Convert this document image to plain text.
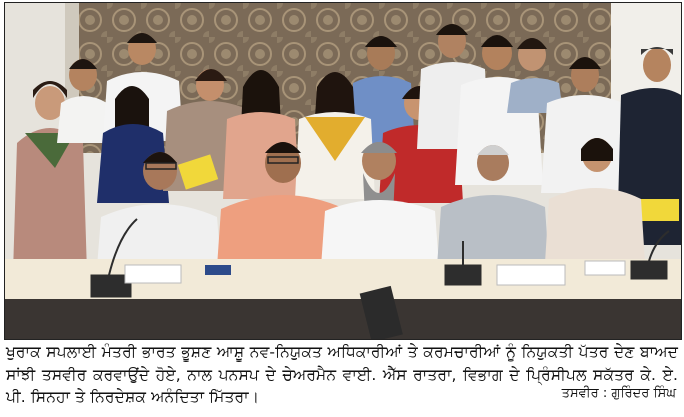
ਖੁਰਾਕ ਸਪਲਾਈ ਮੰਤਰੀ ਭਾਰਤ ਭੂਸ਼ਣ ਆਸ਼ੂ ਨਵ-ਨਿਯੁਕਤ ਅਧਿਕਾਰੀਆਂ ਤੇ ਕਰਮਚਾਰੀਆਂ ਨੂੰ ਨਿਯੁਕਤੀ ਪੱਤਰ ਦੇਣ ਬਾਅਦ ਸਾਂਝੀ ਤਸਵੀਰ ਕਰਵਾਉਂਦੇ ਹੋਏ, ਨਾਲ ਪਨਸਪ ਦੇ ਚੇਅਰਮੈਨ ਵਾਈ. ਐੱਸ ਰਾਤਰਾ, ਵਿਭਾਗ ਦੇ ਪ੍ਰਿੰਸੀਪਲ ਸਕੱਤਰ ਕੇ. ਏ. ਪੀ. ਸਿਨਹਾ ਤੇ ਨਿਰਦੇਸ਼ਕ ਅਨੰਦਿਤਾ ਮਿੱਤਰਾ।	ਤਸਵੀਰ : ਗੁਰਿੰਦਰ ਸਿੰਘ
